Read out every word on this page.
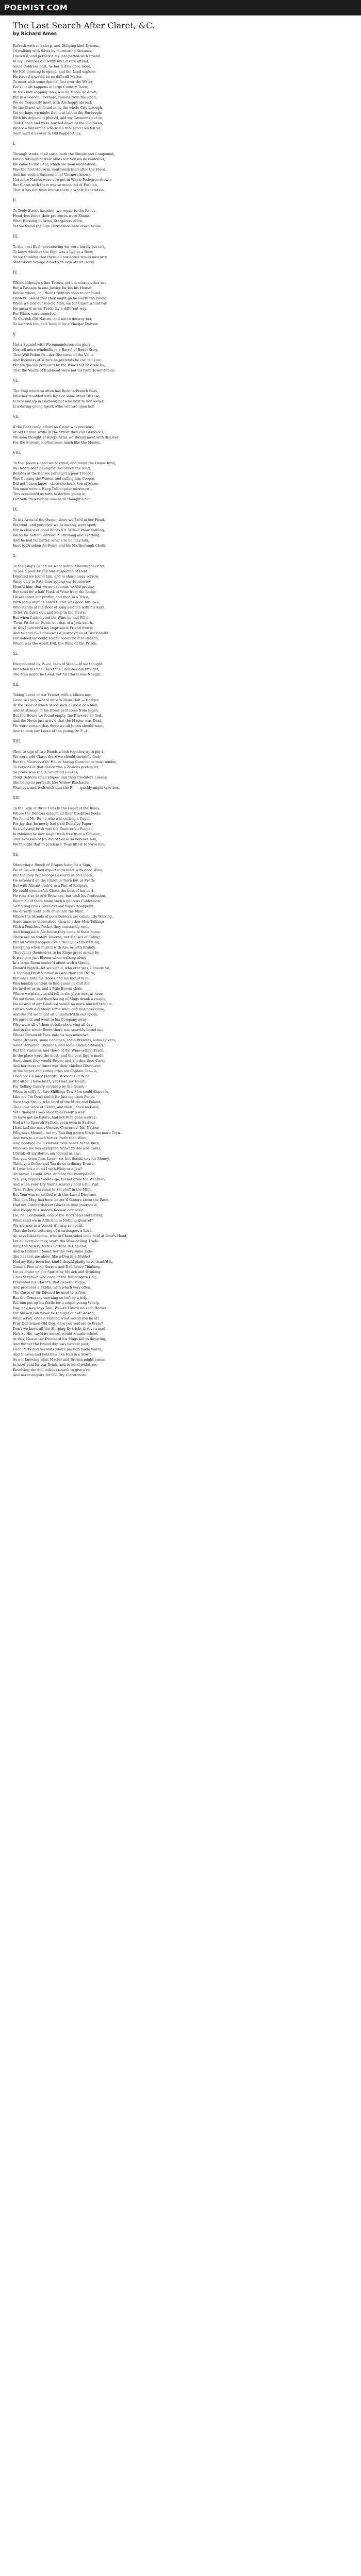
POEMIST.COM
The Last Search After Claret, &C.

by Richard Ames

Refresh with soft sleep, and Obliging kind Dreams,
Of walking with Silvia by murmuring Streams,
I wak'n'd, and perceiv'd my late parted-with Friend,
In my Chamber did softly my Leisure attend;
Some Coldress past, he bor'd if he once more,
He told morning to spend, and the Land explore;
He forced it would be no difficult Matter,
To meet with some Special Just over the Water;
For so it oft happens in large Country Town;
At the chief Topping Inns, will no Tipple go down;
But in a Peaceful Cottage, remote from the Road,
We do frequently meet with Ale happy abroad;
So the Claret we found none the whole City through,
Yet perhaps we might find it at last in the Burrough:
With his Argument pleas'd, and my Garments put on,
Took Coach and were hurried down to the Old Swan,
Where a Waterman who will a thousand Lies tell ye,
Soon waft'd us over to Old Pepper-Alley.
I.
Through stinks of all sorts, both the Simple and Compound,
Which through narrow Allies our Senses do confound,
We came to the Bear, which we soon understood,
Was the first House in Southwark built after the Flood,
And has such a Succession of Vintners known,
Not more Names were e're get in Whole Pedegree shown:
But Claret with them was so much out of Fashion,
That it has not been known there a whole Generation.
II.
To Tooly-Street hastning, we repair to the Ram's-
Head, but found their pretences were Shams;
What Blessing to Arms, Stargazers allow,
Yet we found the Sign Retrograde here down below.
III.
To the next Bush adventuring we were hardly put to't,
To know whether the Sign was a Lyg or a Boot;
So we thinking that there all our hopes would miscarry,
Steer'd our Voyage directly to sign of Old Harry.
IV.
Which although a fine Tavern, yet has scarce other use,
But a Passage to one Justice for his his House;
Before whom, call their Creditors soon to confound;
Debtors: Swear that they might go no worth ten Pound;
When we told our Friend Man, we for Claret would Pay,
He ansur'd us his Trade lay a different way,
For Wines were intended —
To Cherish Old Nature, and not to destroy her,
So we wish him half 'hang'd for a Vinegar Drawer.
V.
Not a Spaniel with Wisemaunderies can glory,
Nor tell more windmills in a Barrel of Bendi Story,
Than Will Robin Fe—der Discourse of the Value
And Richness of Wine's he pretends he can tell you:
But we quickly perceiv'd by the Wine that he drew us,
That the Vaults of Bull-head were not far from Tower-Stairs.
VI.
The Ship which so often has Rode in French Seas,
Whether troubled with Rats or some other Disease,
Is now laid up in Harbour, but who next to her owner,
Is a daring young Spark o'the venture upon her.
VII.
If the Bear could afford no Claret was precious,
At old Capran's-rifle in the Street they call Geracious;
We soon thought at King's Arms we should meet with disaster;
For the Servant is oftentimes much like the Master.
VIII.
To the Queen's-head we hastned, and found the House Ring,
By Broom-Men a Singing Old Simon the King;
Besides at the Bar we perceiv'd a poor Trooper
Was Cursing the Waiter, and calling him Cooper,
Did not I once know—since the brisk Son of Mario
You once were a Hoop-Tub-er-poor mirror-ro —
This occasion'd us both to decline going in,
For Self-Preservation was ne're thought a Sin.
IX.
To the Arms of the Queen, since we Pal'd at her Head,
We went, and perceiv'd we as meanly were sped;
For in choice of good Wines Kit. Will—I know nothing,
Being far better Learned in Stitching and Frothing,
And he had far better, what e're he may talk,
Kept to Drunken All-Fours and his Marlborough Chalk.
X.
To the King's Bench we went without hindrance or let,
To see a poor Friend was suspected of Debt;
Dejected we found him, and in sharp away sorrow,
Since only to-Fate does belong our to-morrow
Hous'd him; that we no expences would grudge,
But send for a half Flask of Wine from the Lodge
He accepted our proffer, and then in a Trice,
With some stuff he call'd Claret was good Mr. P—e,
Who stands at the Door of King's-Bench with his Keys,
To let Visitants out, and keep in the Fleu's.
But when I attempted the Wine he had Wil'd,
'Twas Fit for no Palate but that of a Jack-smith.
At this I perceiv'd my Imprison'd Friend frown;
And he said P—e once was a Journeyman at Black-smith:
For indeed we could scarce reconcile it to Reason,
Which was the worst Evil, the Wine or the Prison.
XI.
Disappointed by P—ce, then of Wood—ld we thought
But when his fine Claret the Chamberlain brought,
The Man might be Good, yet his Claret was Naught.
XII.
Taking Leave of our Friend, with a Libera nos,
Came to Lyon, where once William Hall — Hedger
At the Door of which stood such a Ghost of a Man,
And as strange in his Dress as if come from Japan;
But the House we found empty, the Drawers all fled,
And the News just arriv'd that the Master was Dead,
We were certain that there we all Juices should want,
And so took our Leave of the young Dr. P—t.
XIII.
Then to sign of two Hands which together were pin'd,
We were told Claret there we should certainly find;
But the Mistress o'th' House having Conscience most tender,
To Persons of that desire was a Zealous pretender;
So brave was she in Soliciting Causes,
Twixt Debtors small Hopes, and their Creditors Losses;
She being so perfectly like Widow Blackacre,
Went out, and both wish that the P—— quickly might take her.
XIV.
To the Sign of three Tuns in the Heart of the Rules,
Where the Debtors esteem all their Creditors Fools;
We found Mr. Ro—e who was cutting a Caper,
For joy that he newly had paid Debts by Paper;
So lively and brisk was the Counterfeit Pauper,
In thinking he now might walk free from a Cloister;
That excesses of Joy did of Sense so bereave him,
We thought that in prudence 'twas fittest to leave him.
XV.
Observing a Bunch of Grapes hang for a Sign,
We at Go—ds then expected to meet with good Wine;
But the Jolly Wine-cooper assur'd us on's Oath,
He esteem'd all the Claret in Town but as Froth;
But with Alicant dash'd in a Pint of Redport,
He could counterfeit Claret the best of her sort,
He runs'd so darn'd Brewings, but wish his Profession,
Would all of them make such a got'rous Confession;
So finding cross Fates did our hopes disappoint,
We directly went both of us into the Mint.
Where the Streets of poor Debtors are constantly Walking,
Sometimes to themselves, then to other Men Talking;
With a Penitless Pocket they constantly rant,
And being each Ale-house they come to their home;
There are no stately Taverns, nor Houses of Eating,
But all Wrung-nappen like a Dull Quakers-Meeting;
Excepting when flush'd with Ale, or with Brandy,
They fancy themselves to be Kings great as can be.
It was now just Eleven when walking along,
In a large Room encirc'd about with a throng,
Damn'd Sigh'd—let we sigh'd, who ever was, I ensure ye,
A Topping Brisk Vintner in Lane they call Drury;
But since both his Hopes and his Industry fail,
Was humbly content to find guess by dull Ale:
He invited us in, and a Mile Broom chair,
Where we plainly could tell in the place next as hear;
We sat down, and then having of Mugs drank a couple,
We desir'd of our Landlord would no more himself trouble,
For we both did about some small odd Business come,
And desir'd we might sit undisturb'd in our Room;
He agree'd, and went to his Company away,
Who were all of them strictly observing all day,
And in the whole Room there was scarcely found one,
Whose Person or Face unto us was unknown;
Some Drapers, some Lacemen, some Brewers, some Bakers,
Some Hornified Cuckolds, and some Cuckold-Makers,
But the Vintners, and those of the Wine-selling Trade,
In the place were the most, and the best figure made;
Sometimes they would Swear, and another time Curse,
And hardness of times was their chiefest Discourse;
At the upper end sitting cries old Captain Ter—le,
I had once a most plentiful stock of Old Wine;
But altho' I have lost't, yet I had my Heart,
For Selling Canary so cheap by the Quart;
When to sell't for two Shillings Tow Men could dispense,
Like me I'm Don't stid it for just eighteen-Pence,
Sure says Ste—y, who Lord of the Mitre and Poland,
The Lions were of Claret, and then I have no Land,
Yet I thought I was once in as ready a way
To have got an Estate, had not Wife gone a stray;
Had a the Spanish Padlock been even in Fashion,
I had had the most Venture Concern'd 'Ith' Nation:
Why, says Mound—too my Bawling grown Kings me more Cryn—
And turn to a much better Profit than Wine;
Nay, produce me a Vintner from hence to the Bars,
Who like me has exempted from Trouble and Cares,
I Drink off my Bottle, am Jocund as any;
Yes, yes, cries Tom. Lawr—ce, but thanks to your Money.
Think you Coffee and Tea do so ordinary Brews,
If I was but a mind I with-Whig or a Jew?
Ah brave! I could have stood at the Pantry-Door,
Yes, yes, replies Woold—ge, till not grew the Weather;
And when your Dry Vaults scarcely hold a full Pint,
Then Father you came to Set stuff in the Mint.
But Tom was so nettled with this Laced Disgrace,
That Ten Mug had been batter'd Ginters about the Face,
Had not Lumbardstreet Glover in time interpos'd,
And Pooply this sudden Rocoon compos'd:
Fie, fie, Gentlemen, one of the Hogshead and Barrel,
What shall we in Affliction in Nothing Quarrel?
We are now in a Vessel, if I may so speak,
That the least tottering of it endangers a Leak.
Ay, says Likeadsome, who in Cheat-sided once bold at Boar's-Head,
Let all every-he may, scorn the Wine-selling Trade;
Why, the Misery Meres Fortune in England;
And in Holland I found her the very same Jade;
She has tost me about like a Dog in a Blanket,
Had my Fate been but kind I should gladly have thank'd it.
Come a Ploo of all Sorrow and Dull heavy Thinking,
Let us chear up our Spirits by Musick and Drinking,
Cries Steph—n who once at the Billingsgate Dog,
Prevented his Claret's, that general Vogue;
And produces a Fiddle, with which very often,
The Cares of Sir Edward he used to soften;
But the Company scorning so trifling a help,
Bid him put up his fiddle for a stupid young Whelp.
Nay, nay, nay, says Tom. We—re I know no such Horses,
For Musick can never be thought out of Season,
What a Pox, cries a Vintner, what would you be at?
Pray Gentlemen Old Dog, dare you venture to Prate?
Don't we know all the Slurping-Ily tricks that you use?
He's as Hic, say'd be amiss', would Muzzle school
At this, House—er Drunkard his Mugs fell to throwing,
And thither the Friendship was fiercest past;
Each Party had Seconds where passion made Warm,
And Glasses and Pots flew like Hail in a Storm;
So not knowing what Maoler and Broken might ensue,
In hard paid for our Drink, and to mind withdrew,
Resolving the dull tedious search to give o're,
And never enquire for Old Dry Claret more.
